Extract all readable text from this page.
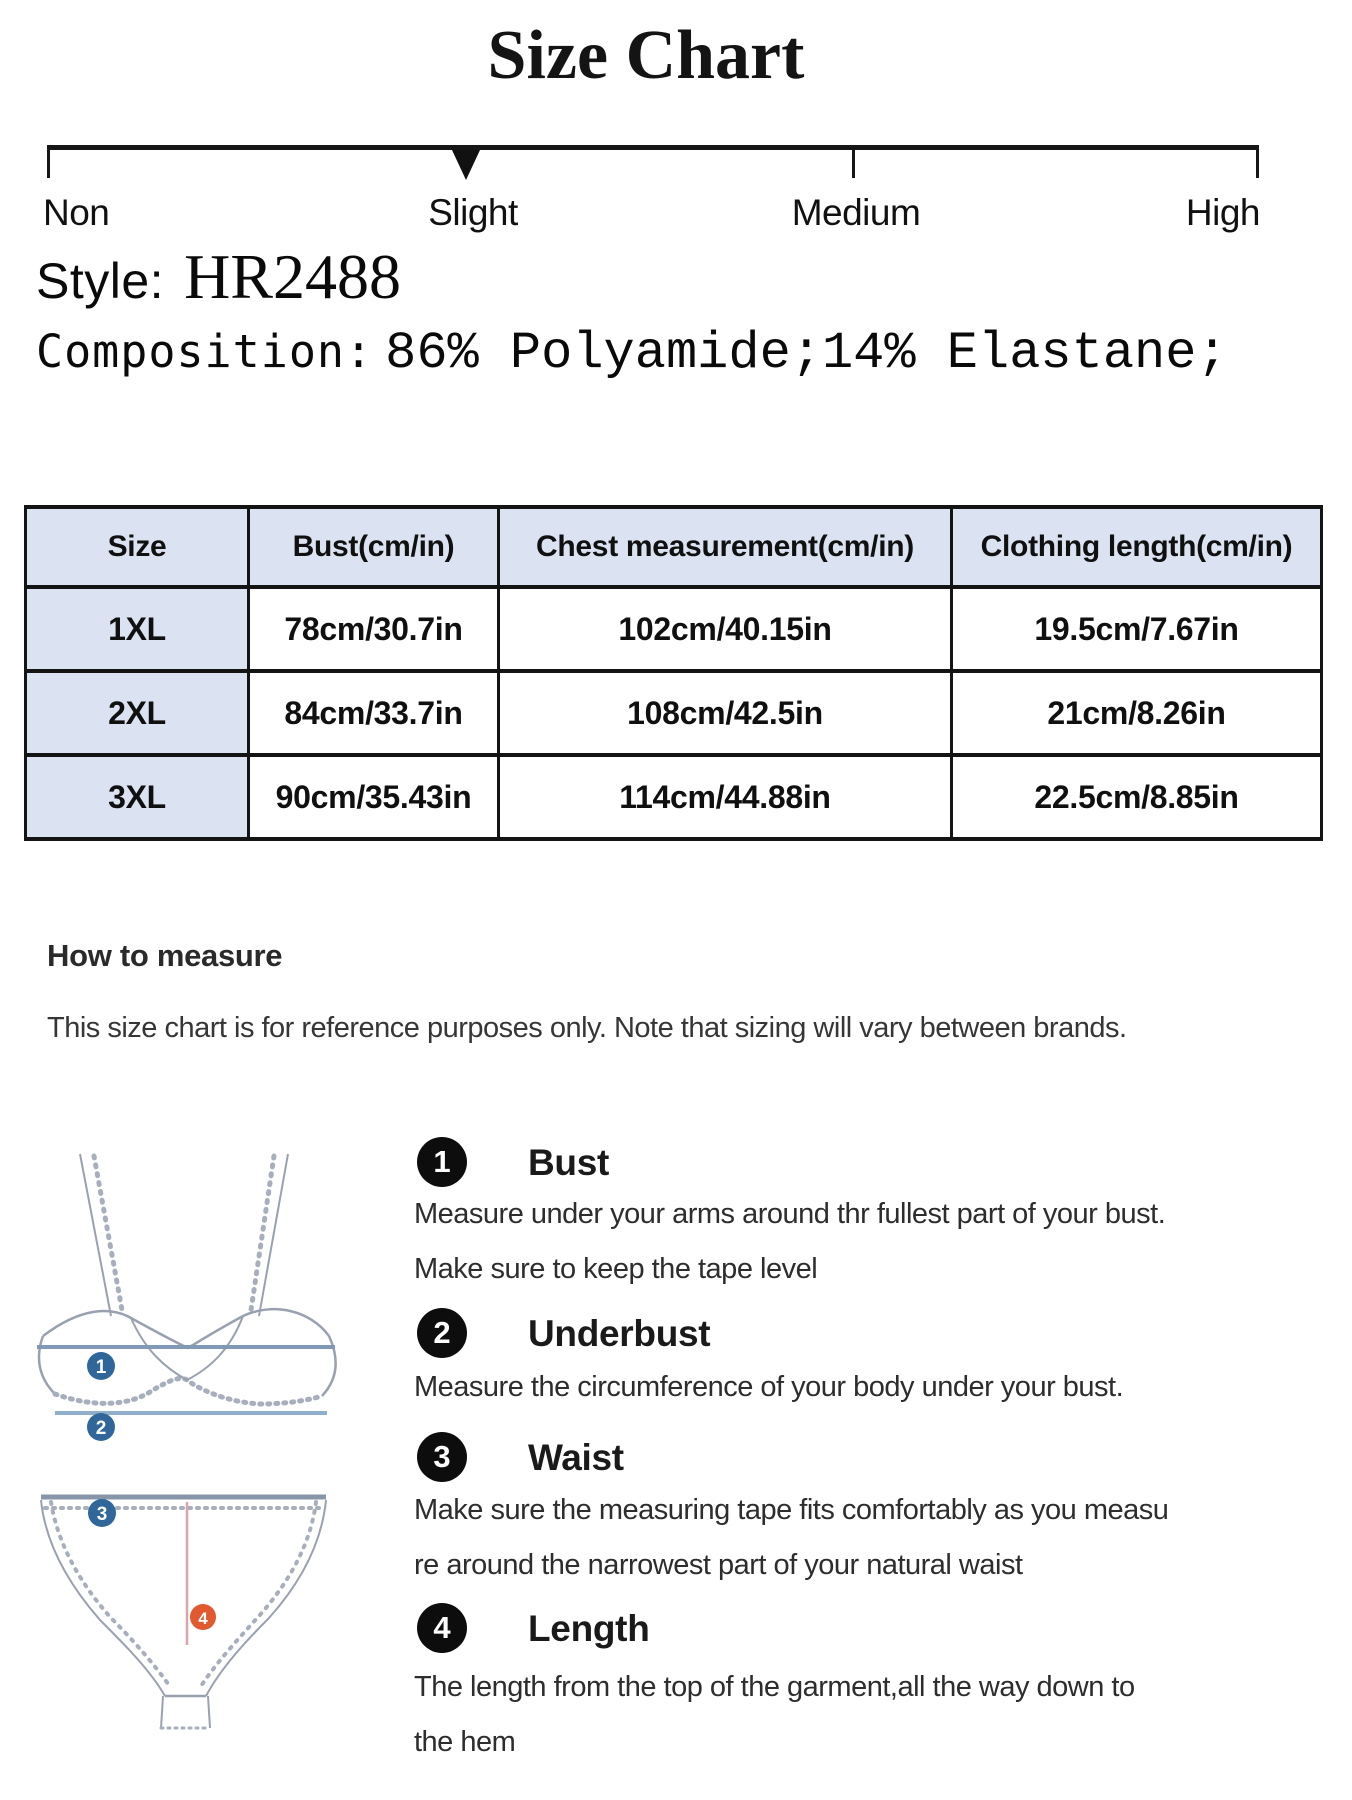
Size Chart
Non	Slight	Medium	High
Style: HR2488
Composition: 86% Polyamide;14% Elastane;
Size	Bust(cm/in)	Chest measurement(cm/in)	Clothing length(cm/in)
1XL	78cm/30.7in	102cm/40.15in	19.5cm/7.67in
2XL	84cm/33.7in	108cm/42.5in	21cm/8.26in
3XL	90cm/35.43in	114cm/44.88in	22.5cm/8.85in
How to measure
This size chart is for reference purposes only. Note that sizing will vary between brands.
1
2
3
4
1 Bust
Measure under your arms around thr fullest part of your bust.
Make sure to keep the tape level
2 Underbust
Measure the circumference of your body under your bust.
3 Waist
Make sure the measuring tape fits comfortably as you measu
re around the narrowest part of your natural waist
4 Length
The length from the top of the garment,all the way down to
the hem
